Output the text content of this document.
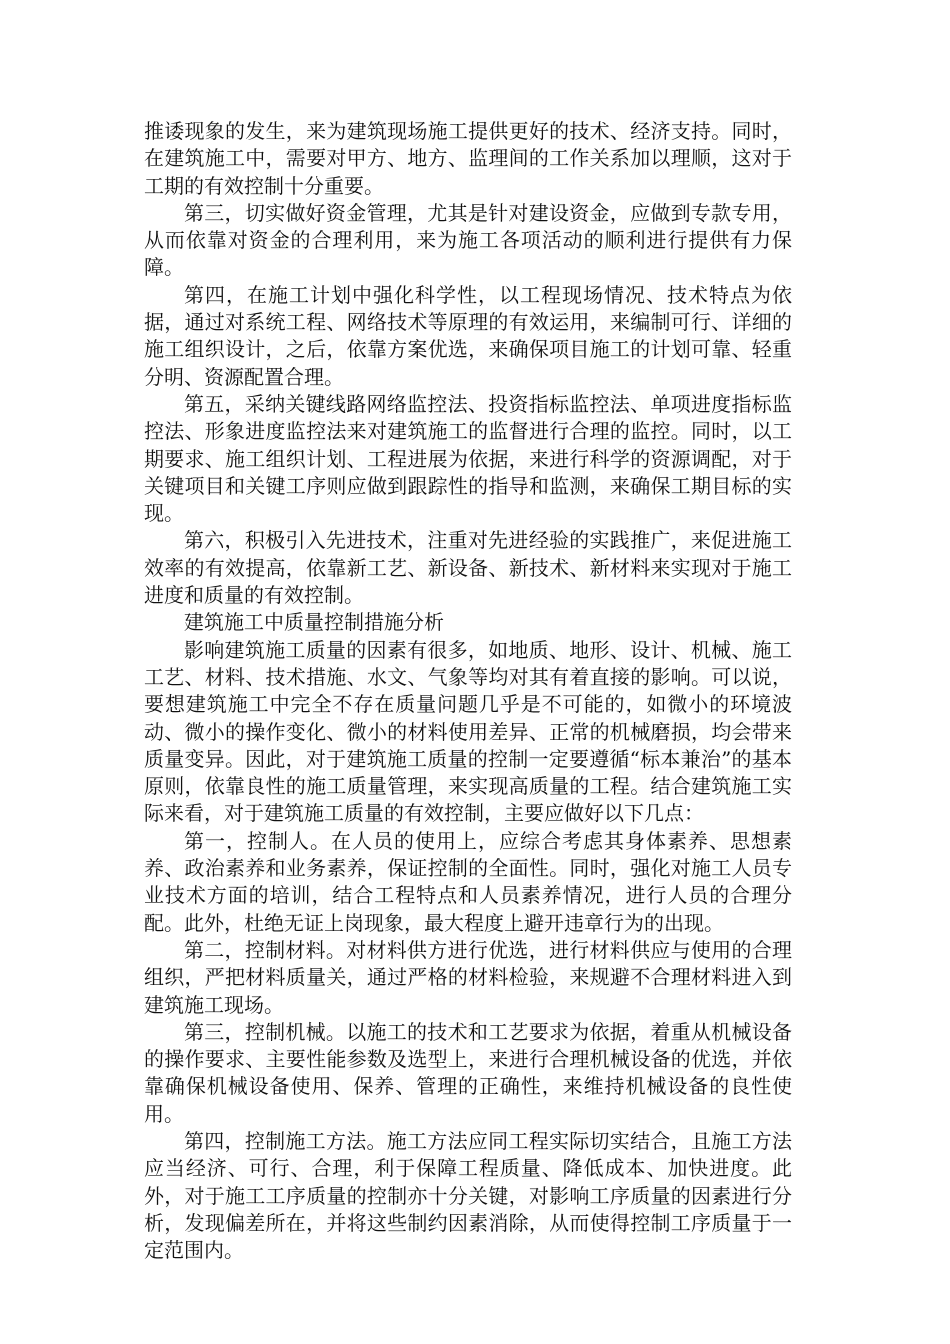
推诿现象的发生，来为建筑现场施工提供更好的技术、经济支持。同时，在建筑施工中，需要对甲方、地方、监理间的工作关系加以理顺，这对于工期的有效控制十分重要。

第三，切实做好资金管理，尤其是针对建设资金，应做到专款专用，从而依靠对资金的合理利用，来为施工各项活动的顺利进行提供有力保障。

第四，在施工计划中强化科学性，以工程现场情况、技术特点为依据，通过对系统工程、网络技术等原理的有效运用，来编制可行、详细的施工组织设计，之后，依靠方案优选，来确保项目施工的计划可靠、轻重分明、资源配置合理。

第五，采纳关键线路网络监控法、投资指标监控法、单项进度指标监控法、形象进度监控法来对建筑施工的监督进行合理的监控。同时，以工期要求、施工组织计划、工程进展为依据，来进行科学的资源调配，对于关键项目和关键工序则应做到跟踪性的指导和监测，来确保工期目标的实现。

第六，积极引入先进技术，注重对先进经验的实践推广，来促进施工效率的有效提高，依靠新工艺、新设备、新技术、新材料来实现对于施工进度和质量的有效控制。

建筑施工中质量控制措施分析

影响建筑施工质量的因素有很多，如地质、地形、设计、机械、施工工艺、材料、技术措施、水文、气象等均对其有着直接的影响。可以说，要想建筑施工中完全不存在质量问题几乎是不可能的，如微小的环境波动、微小的操作变化、微小的材料使用差异、正常的机械磨损，均会带来质量变异。因此，对于建筑施工质量的控制一定要遵循“标本兼治”的基本原则，依靠良性的施工质量管理，来实现高质量的工程。结合建筑施工实际来看，对于建筑施工质量的有效控制，主要应做好以下几点：

第一，控制人。在人员的使用上，应综合考虑其身体素养、思想素养、政治素养和业务素养，保证控制的全面性。同时，强化对施工人员专业技术方面的培训，结合工程特点和人员素养情况，进行人员的合理分配。此外，杜绝无证上岗现象，最大程度上避开违章行为的出现。

第二，控制材料。对材料供方进行优选，进行材料供应与使用的合理组织，严把材料质量关，通过严格的材料检验，来规避不合理材料进入到建筑施工现场。

第三，控制机械。以施工的技术和工艺要求为依据，着重从机械设备的操作要求、主要性能参数及选型上，来进行合理机械设备的优选，并依靠确保机械设备使用、保养、管理的正确性，来维持机械设备的良性使用。

第四，控制施工方法。施工方法应同工程实际切实结合，且施工方法应当经济、可行、合理，利于保障工程质量、降低成本、加快进度。此外，对于施工工序质量的控制亦十分关键，对影响工序质量的因素进行分析，发现偏差所在，并将这些制约因素消除，从而使得控制工序质量于一定范围内。
